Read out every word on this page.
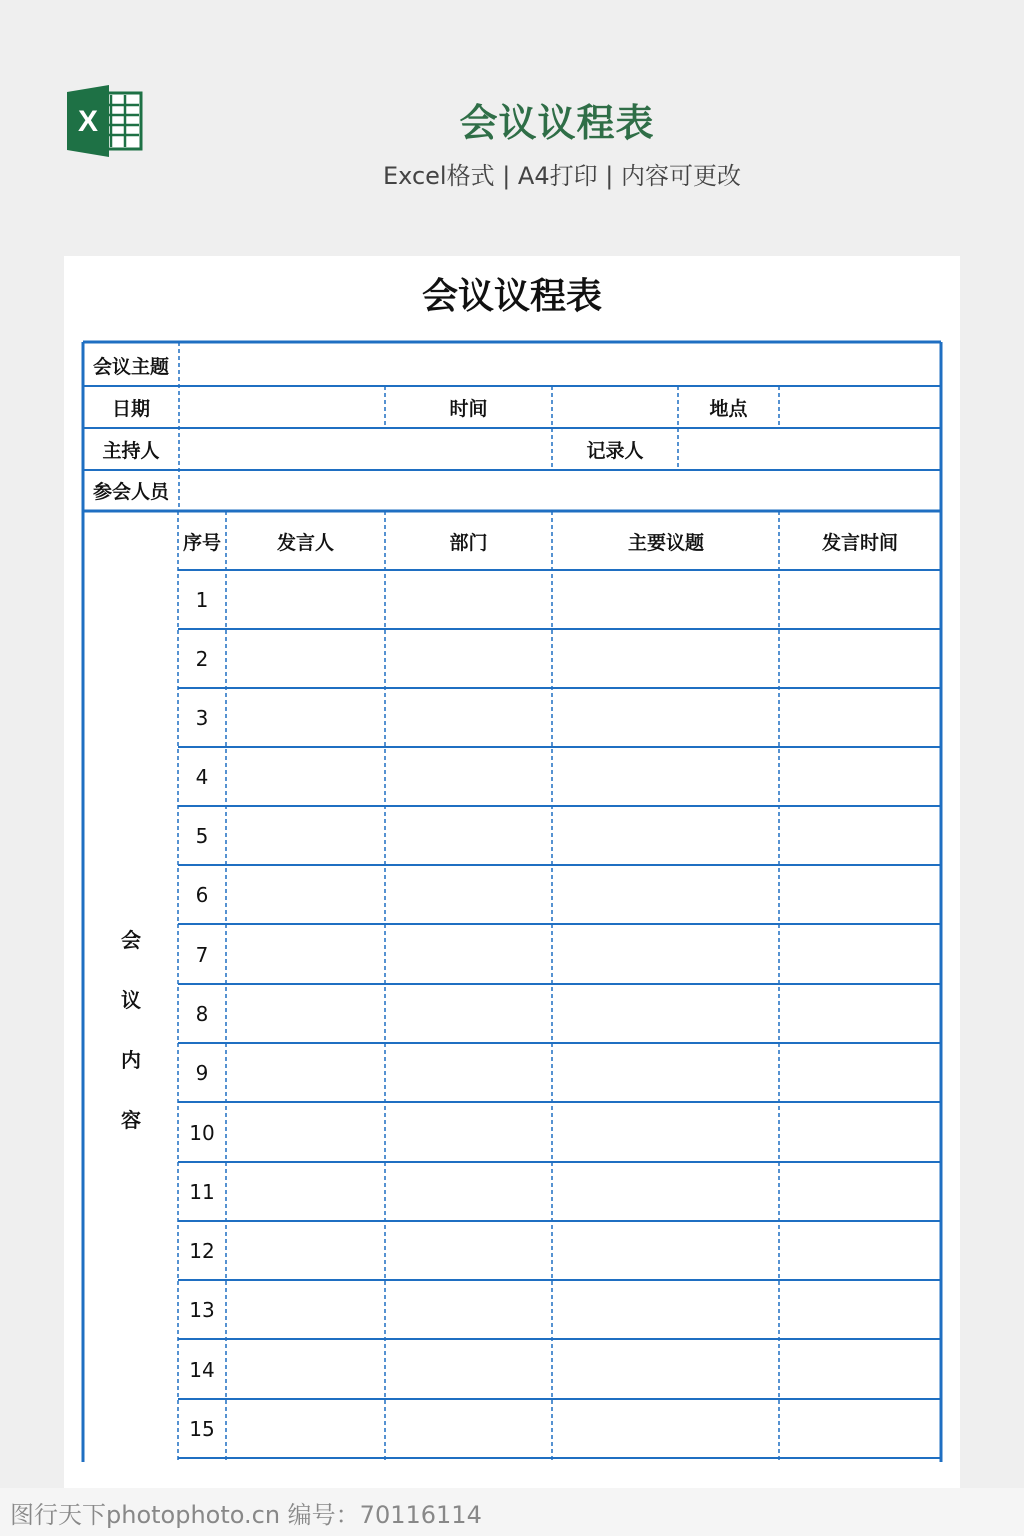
X	会议议程表
Excel格式 | A4打印 | 内容可更改
会议议程表
会议主题
日期	时间	地点
主持人	记录人
参会人员
会
议
内
容
序号	发言人	部门	主要议题	发言时间
1
2
3
4
5
6
7
8
9
10
11
12
13
14
15
图行天下photophoto.cn 编号：70116114
